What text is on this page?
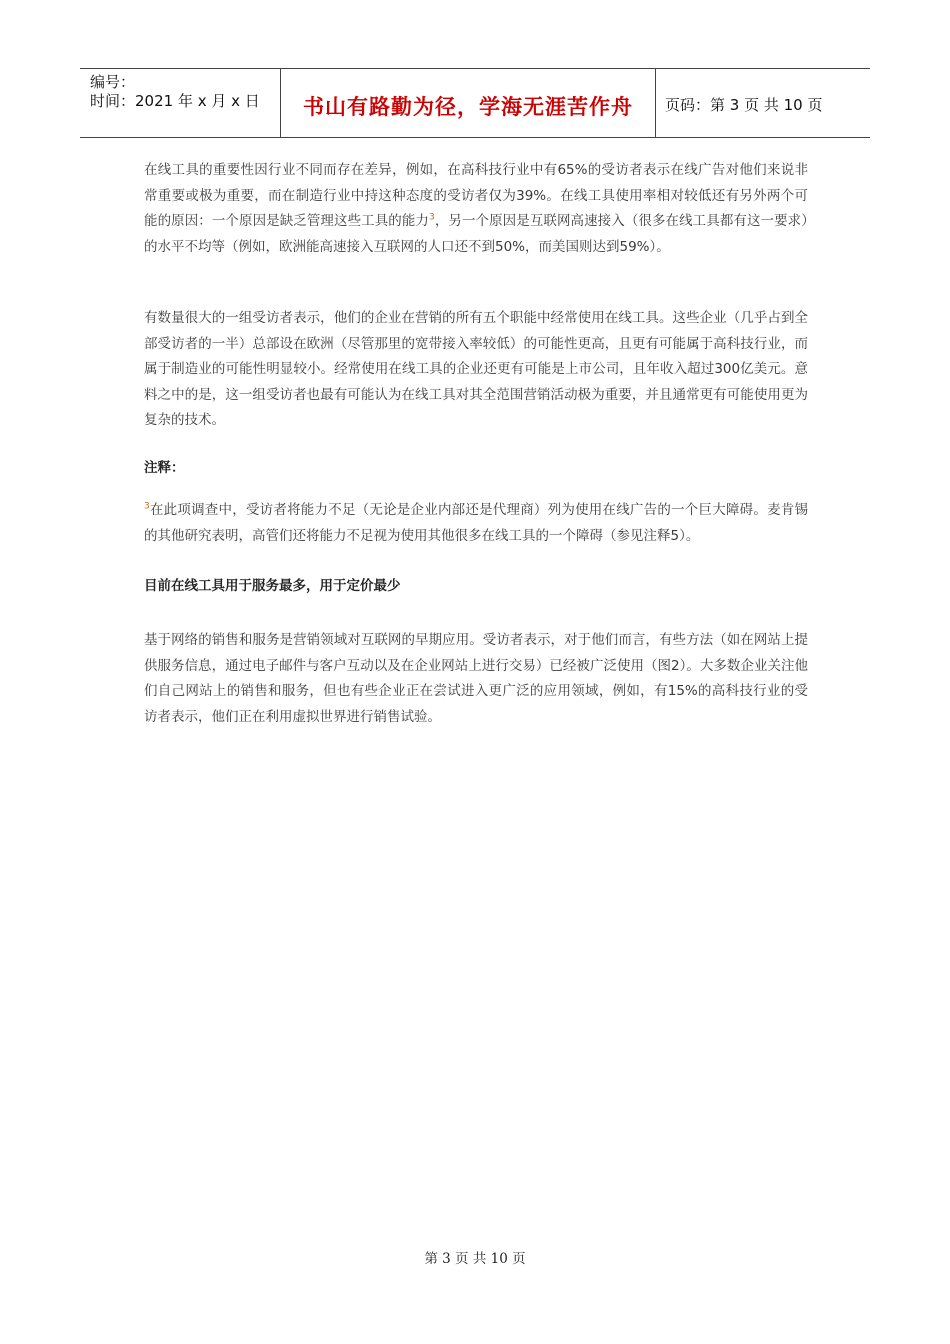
编号：
时间：2021 年 x 月 x 日	书山有路勤为径，学海无涯苦作舟	页码：第 3 页 共 10 页

在线工具的重要性因行业不同而存在差异，例如，在高科技行业中有65%的受访者表示在线广告对他们来说非常重要或极为重要，而在制造行业中持这种态度的受访者仅为39%。在线工具使用率相对较低还有另外两个可能的原因：一个原因是缺乏管理这些工具的能力$^3$，另一个原因是互联网高速接入（很多在线工具都有这一要求）的水平不均等（例如，欧洲能高速接入互联网的人口还不到50%，而美国则达到59%）。

有数量很大的一组受访者表示，他们的企业在营销的所有五个职能中经常使用在线工具。这些企业（几乎占到全部受访者的一半）总部设在欧洲（尽管那里的宽带接入率较低）的可能性更高，且更有可能属于高科技行业，而属于制造业的可能性明显较小。经常使用在线工具的企业还更有可能是上市公司，且年收入超过300亿美元。意料之中的是，这一组受访者也最有可能认为在线工具对其全范围营销活动极为重要，并且通常更有可能使用更为复杂的技术。

注释：

$^3$在此项调查中，受访者将能力不足（无论是企业内部还是代理商）列为使用在线广告的一个巨大障碍。麦肯锡的其他研究表明，高管们还将能力不足视为使用其他很多在线工具的一个障碍（参见注释5）。

目前在线工具用于服务最多，用于定价最少

基于网络的销售和服务是营销领域对互联网的早期应用。受访者表示，对于他们而言，有些方法（如在网站上提供服务信息，通过电子邮件与客户互动以及在企业网站上进行交易）已经被广泛使用（图2）。大多数企业关注他们自己网站上的销售和服务，但也有些企业正在尝试进入更广泛的应用领域，例如，有15%的高科技行业的受访者表示，他们正在利用虚拟世界进行销售试验。

第 3 页 共 10 页
